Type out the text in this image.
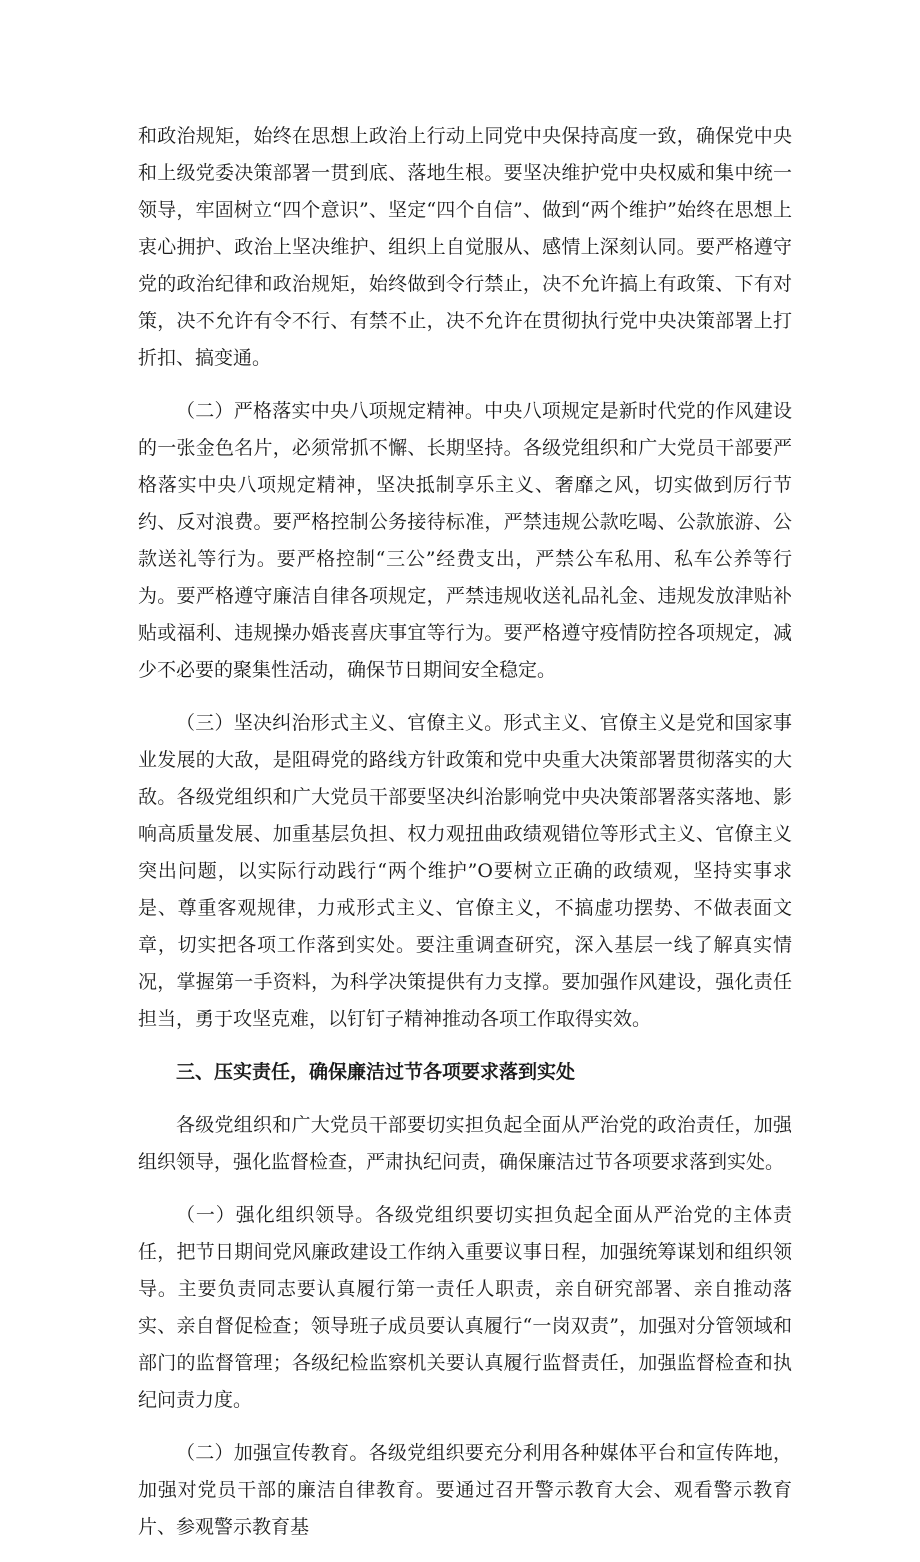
和政治规矩，始终在思想上政治上行动上同党中央保持高度一致，确保党中央和上级党委决策部署一贯到底、落地生根。要坚决维护党中央权威和集中统一领导，牢固树立“四个意识”、坚定“四个自信”、做到“两个维护”始终在思想上衷心拥护、政治上坚决维护、组织上自觉服从、感情上深刻认同。要严格遵守党的政治纪律和政治规矩，始终做到令行禁止，决不允许搞上有政策、下有对策，决不允许有令不行、有禁不止，决不允许在贯彻执行党中央决策部署上打折扣、搞变通。

（二）严格落实中央八项规定精神。中央八项规定是新时代党的作风建设的一张金色名片，必须常抓不懈、长期坚持。各级党组织和广大党员干部要严格落实中央八项规定精神，坚决抵制享乐主义、奢靡之风，切实做到厉行节约、反对浪费。要严格控制公务接待标准，严禁违规公款吃喝、公款旅游、公款送礼等行为。要严格控制“三公”经费支出，严禁公车私用、私车公养等行为。要严格遵守廉洁自律各项规定，严禁违规收送礼品礼金、违规发放津贴补贴或福利、违规操办婚丧喜庆事宜等行为。要严格遵守疫情防控各项规定，减少不必要的聚集性活动，确保节日期间安全稳定。

（三）坚决纠治形式主义、官僚主义。形式主义、官僚主义是党和国家事业发展的大敌，是阻碍党的路线方针政策和党中央重大决策部署贯彻落实的大敌。各级党组织和广大党员干部要坚决纠治影响党中央决策部署落实落地、影响高质量发展、加重基层负担、权力观扭曲政绩观错位等形式主义、官僚主义突出问题，以实际行动践行“两个维护”O要树立正确的政绩观，坚持实事求是、尊重客观规律，力戒形式主义、官僚主义，不搞虚功摆势、不做表面文章，切实把各项工作落到实处。要注重调查研究，深入基层一线了解真实情况，掌握第一手资料，为科学决策提供有力支撑。要加强作风建设，强化责任担当，勇于攻坚克难，以钉钉子精神推动各项工作取得实效。

三、压实责任，确保廉洁过节各项要求落到实处

各级党组织和广大党员干部要切实担负起全面从严治党的政治责任，加强组织领导，强化监督检查，严肃执纪问责，确保廉洁过节各项要求落到实处。

（一）强化组织领导。各级党组织要切实担负起全面从严治党的主体责任，把节日期间党风廉政建设工作纳入重要议事日程，加强统筹谋划和组织领导。主要负责同志要认真履行第一责任人职责，亲自研究部署、亲自推动落实、亲自督促检查；领导班子成员要认真履行“一岗双责”，加强对分管领域和部门的监督管理；各级纪检监察机关要认真履行监督责任，加强监督检查和执纪问责力度。

（二）加强宣传教育。各级党组织要充分利用各种媒体平台和宣传阵地，加强对党员干部的廉洁自律教育。要通过召开警示教育大会、观看警示教育片、参观警示教育基
